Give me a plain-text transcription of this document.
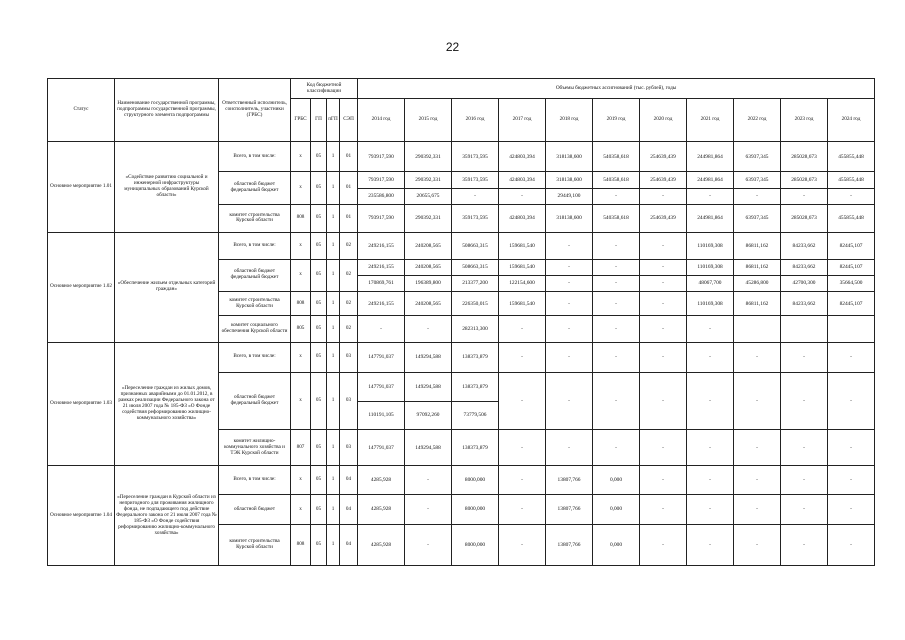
22
Статус	Наименование государственной программы, подпрограммы государственной программы, структурного элемента подпрограммы	Ответственный исполнитель, соисполнитель, участники (ГРБС)	Код бюджетной классификации				Объемы бюджетных ассигнований (тыс. рублей), годы										
			ГРБС	ГП	пГП	СЭП	2014 год	2015 год	2016 год	2017 год	2018 год	2019 год	2020 год	2021 год	2022 год	2023 год	2024 год
Основное мероприятие 1.01	«Содействие развитию социальной и инженерной инфраструктуры муниципальных образований Курской области»	Всего, в том числе:	х	05	1	01	793917,590	290392,331	359173,595	424803,394	318138,600	540358,618	254639,439	244981,864	63937,345	285028,673	455855,448
		областной бюджет федеральный бюджет	х	05	1	01	793917,590	290392,331	359173,595	424803,394	318138,600	540358,618	254639,439	244981,864	63937,345	285028,673	455855,448
							235586,800	20655,675	-	-	29449,100	-	-	-	-	-	-
		комитет строительства Курской области	808	05	1	01	793917,590	290392,331	359173,595	424803,394	318138,600	540358,618	254639,439	244981,864	63937,345	285028,673	455855,448
Основное мероприятие 1.02	«Обеспечение жильем отдельных категорий граждан»	Всего, в том числе:	х	05	1	02	249216,155	240208,565	508663,315	159681,540	-	-	-	110169,308	86811,162	84233,662	82445,107
		областной бюджет федеральный бюджет	х	05	1	02	249216,155	240208,565	508663,315	159681,540	-	-	-	110169,308	86811,162	84233,662	82445,107
							170869,761	196389,800	213377,200	122154,600	-	-	-	48067,700	45286,800	42700,300	35664,500
		комитет строительства Курской области	808	05	1	02	249216,155	240208,565	226350,015	159681,540	-	-	-	110169,308	86811,162	84233,662	82445,107
		комитет социального обеспечения Курской области	805	05	1	02	-	-	282313,300	-	-	-	-	-			
Основное мероприятие 1.03	«Переселение граждан из жилых домов, признанных аварийными до 01.01.2012, в рамках реализации Федерального закона от 21 июля 2007 года № 185-ФЗ «О Фонде содействия реформированию жилищно-коммунального хозяйства»	Всего, в том числе:	х	05	1	03	147791,037	149294,588	138373,879	-	-	-	-	-	-	-	-
		областной бюджет федеральный бюджет	х	05	1	03	147791,037	149294,588	138373,879	-	-	-	-	-	-	-	-
							110191,105	97092,260	73779,506								
		комитет жилищно-коммунального хозяйства и ТЭК Курской области	807	05	1	03	147791,037	149294,588	138373,879	-	-	-	-	-	-	-	-
Основное мероприятие 1.04	«Переселение граждан в Курской области из непригодного для проживания жилищного фонда, не подпадающего под действие Федерального закона от 21 июля 2007 года № 185-ФЗ «О Фонде содействия реформированию жилищно-коммунального хозяйства»	Всего, в том числе:	х	05	1	04	4285,928	-	8000,000	-	13807,766	0,000	-	-	-	-	-
		областной бюджет	х	05	1	04	4285,928	-	8000,000	-	13807,766	0,000	-	-	-	-	-
		комитет строительства Курской области	808	05	1	04	4285,928	-	8000,000	-	13807,766	0,000	-	-	-	-	-
